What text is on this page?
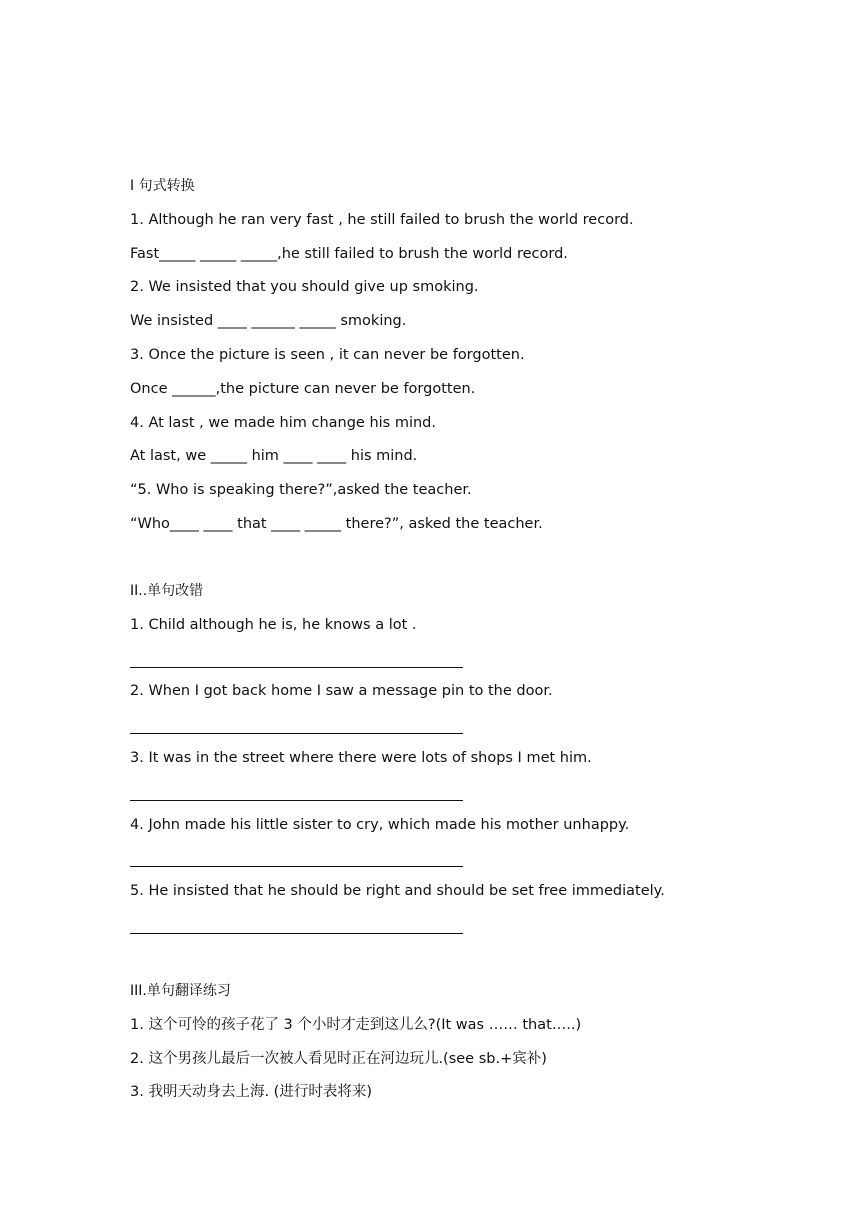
I 句式转换

1. Although he ran very fast , he still failed to brush the world record.

Fast_____ _____ _____,he still failed to brush the world record.

2. We insisted that you should give up smoking.

We insisted ____ ______ _____ smoking.

3. Once the picture is seen , it can never be forgotten.

Once ______,the picture can never be forgotten.

4. At last , we made him change his mind.

At last, we _____ him ____ ____ his mind.

“5. Who is speaking there?”,asked the teacher.

“Who____ ____ that ____ _____ there?”, asked the teacher.

II..单句改错

1. Child although he is, he knows a lot .

2. When I got back home I saw a message pin to the door.

3. It was in the street where there were lots of shops I met him.

4. John made his little sister to cry, which made his mother unhappy.

5. He insisted that he should be right and should be set free immediately.

III.单句翻译练习

1. 这个可怜的孩子花了 3 个小时才走到这儿么?(It was …… that…..)

2. 这个男孩儿最后一次被人看见时正在河边玩儿.(see sb.+宾补)

3. 我明天动身去上海. (进行时表将来)
